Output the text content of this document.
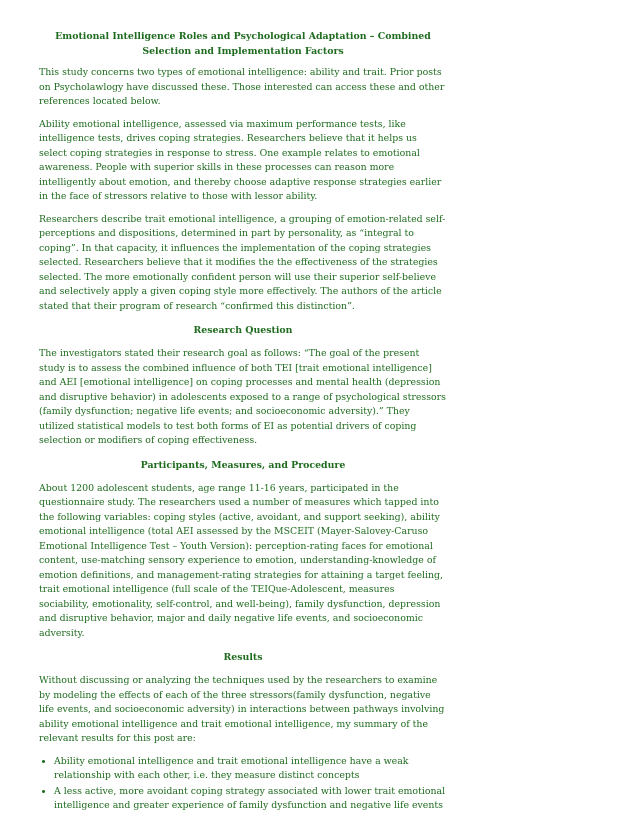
Emotional Intelligence Roles and Psychological Adaptation – Combined Selection and Implementation Factors

This study concerns two types of emotional intelligence: ability and trait. Prior posts on Psycholawlogy have discussed these. Those interested can access these and other references located below.

Ability emotional intelligence, assessed via maximum performance tests, like intelligence tests, drives coping strategies. Researchers believe that it helps us select coping strategies in response to stress. One example relates to emotional awareness. People with superior skills in these processes can reason more intelligently about emotion, and thereby choose adaptive response strategies earlier in the face of stressors relative to those with lessor ability.

Researchers describe trait emotional intelligence, a grouping of emotion-related self-perceptions and dispositions, determined in part by personality, as “integral to coping”. In that capacity, it influences the implementation of the coping strategies selected. Researchers believe that it modifies the the effectiveness of the strategies selected. The more emotionally confident person will use their superior self-believe and selectively apply a given coping style more effectively. The authors of the article stated that their program of research “confirmed this distinction”.

Research Question

The investigators stated their research goal as follows: “The goal of the present study is to assess the combined influence of both TEI [trait emotional intelligence] and AEI [emotional intelligence] on coping processes and mental health (depression and disruptive behavior) in adolescents exposed to a range of psychological stressors (family dysfunction; negative life events; and socioeconomic adversity).” They utilized statistical models to test both forms of EI as potential drivers of coping selection or modifiers of coping effectiveness.

Participants, Measures, and Procedure

About 1200 adolescent students, age range 11-16 years, participated in the questionnaire study. The researchers used a number of measures which tapped into the following variables: coping styles (active, avoidant, and support seeking), ability emotional intelligence (total AEI assessed by the MSCEIT (Mayer-Salovey-Caruso Emotional Intelligence Test – Youth Version): perception-rating faces for emotional content, use-matching sensory experience to emotion, understanding-knowledge of emotion definitions, and management-rating strategies for attaining a target feeling, trait emotional intelligence (full scale of the TEIQue-Adolescent, measures sociability, emotionality, self-control, and well-being), family dysfunction, depression and disruptive behavior, major and daily negative life events, and socioeconomic adversity.

Results

Without discussing or analyzing the techniques used by the researchers to examine by modeling the effects of each of the three stressors(family dysfunction, negative life events, and socioeconomic adversity) in interactions between pathways involving ability emotional intelligence and trait emotional intelligence, my summary of the relevant results for this post are:

• Ability emotional intelligence and trait emotional intelligence have a weak relationship with each other, i.e. they measure distinct concepts
• A less active, more avoidant coping strategy associated with lower trait emotional intelligence and greater experience of family dysfunction and negative life events
